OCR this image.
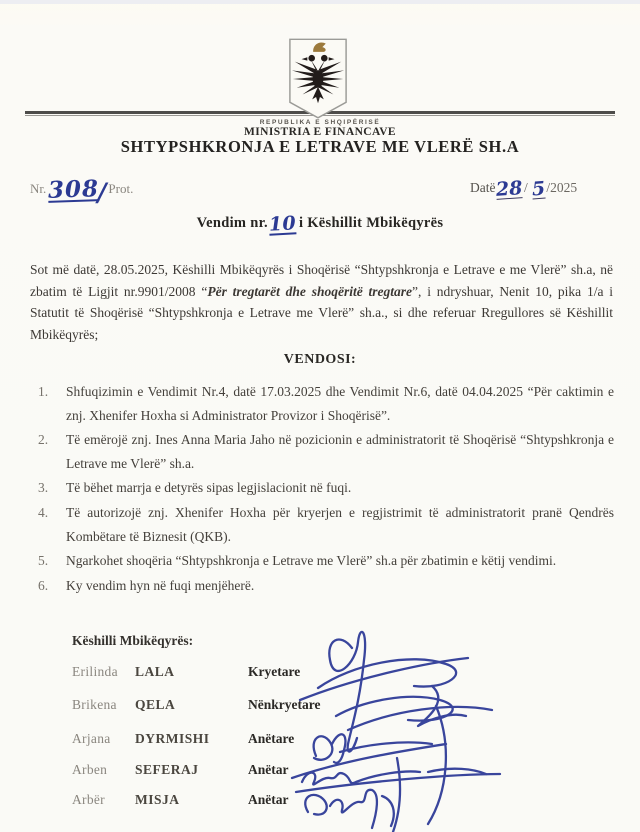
REPUBLIKA E SHQIPËRISË
MINISTRIA E FINANCAVE
SHTYPSHKRONJA E LETRAVE ME VLERË SH.A
Nr.308/ Prot.	Datë28/ 5/2025
Vendim nr.10 i Këshillit Mbikëqyrës
Sot më datë, 28.05.2025, Këshilli Mbikëqyrës i Shoqërisë “Shtypshkronja e Letrave e me Vlerë” sh.a, në zbatim të Ligjit nr.9901/2008 “Për tregtarët dhe shoqëritë tregtare”, i ndryshuar, Nenit 10, pika 1/a i Statutit të Shoqërisë “Shtypshkronja e Letrave me Vlerë” sh.a., si dhe referuar Rregullores së Këshillit Mbikëqyrës;
VENDOSI:
1.	Shfuqizimin e Vendimit Nr.4, datë 17.03.2025 dhe Vendimit Nr.6, datë 04.04.2025 “Për caktimin e znj. Xhenifer Hoxha si Administrator Provizor i Shoqërisë”.
2.	Të emërojë znj. Ines Anna Maria Jaho në pozicionin e administratorit të Shoqërisë “Shtypshkronja e Letrave me Vlerë” sh.a.
3.	Të bëhet marrja e detyrës sipas legjislacionit në fuqi.
4.	Të autorizojë znj. Xhenifer Hoxha për kryerjen e regjistrimit të administratorit pranë Qendrës Kombëtare të Biznesit (QKB).
5.	Ngarkohet shoqëria “Shtypshkronja e Letrave me Vlerë” sh.a për zbatimin e këtij vendimi.
6.	Ky vendim hyn në fuqi menjëherë.
Këshilli Mbikëqyrës:
Erilinda LALA	Kryetare
Brikena QELA	Nënkryetare
Arjana DYRMISHI	Anëtare
Arben SEFERAJ	Anëtar
Arbër MISJA	Anëtar
